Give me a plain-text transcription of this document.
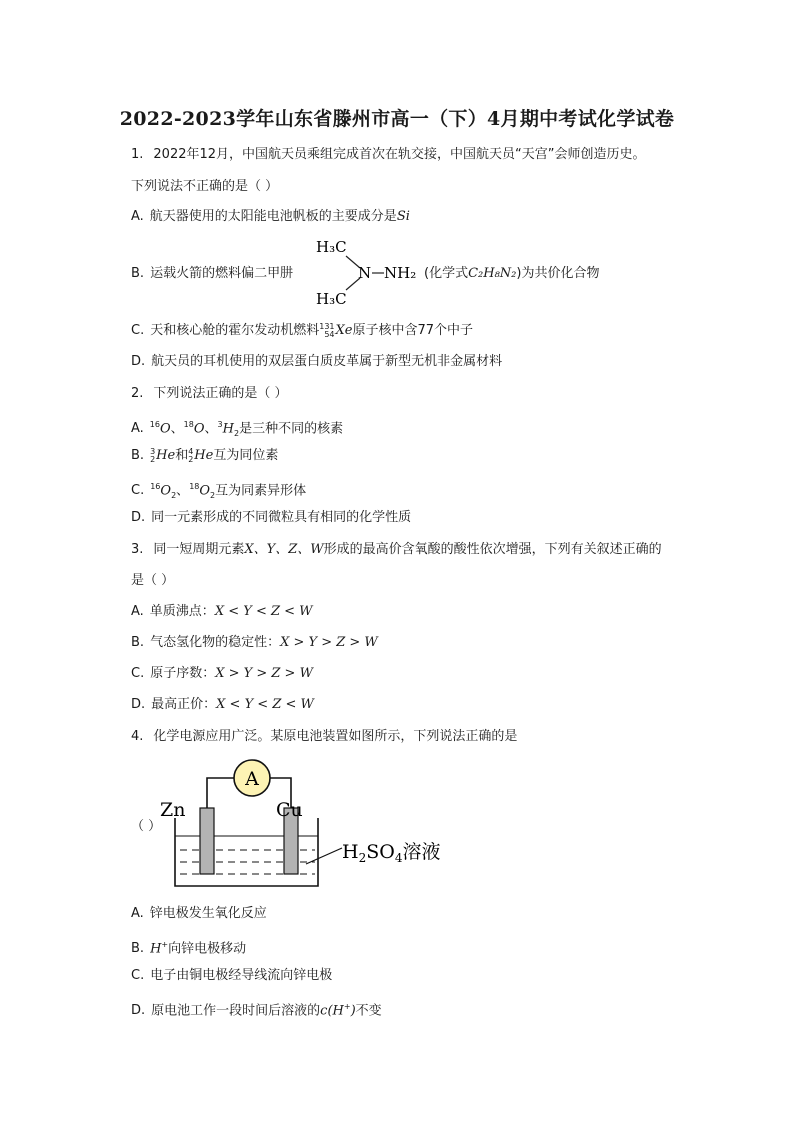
2022-2023学年山东省滕州市高一（下）4月期中考试化学试卷
1. 2022年12月，中国航天员乘组完成首次在轨交接，中国航天员“天宫”会师创造历史。
下列说法不正确的是（ ）
A. 航天器使用的太阳能电池帆板的主要成分是Si
B. 运载火箭的燃料偏二甲肼
H₃C
H₃C
N NH₂ (化学式C₂H₈N₂)为共价化合物
C. 天和核心舱的霍尔发动机燃料 131
54 Xe原子核中含77个中子
D. 航天员的耳机使用的双层蛋白质皮革属于新型无机非金属材料
2. 下列说法正确的是（ ）
A. $^{16}$O、$^{18}$O、$^3H_2$是三种不同的核素
B. 3
2 He和 4
2 He互为同位素
C. $^{16}O_2$、$^{18}O_2$互为同素异形体
D. 同一元素形成的不同微粒具有相同的化学性质
3. 同一短周期元素X、Y、Z、W形成的最高价含氧酸的酸性依次增强，下列有关叙述正确的
是（ ）
A. 单质沸点：X < Y < Z < W
B. 气态氢化物的稳定性：X > Y > Z > W
C. 原子序数：X > Y > Z > W
D. 最高正价：X < Y < Z < W
4. 化学电源应用广泛。某原电池装置如图所示，下列说法正确的是
（ ）
A
Zn	Cu
$H_2SO_4$溶液
A. 锌电极发生氧化反应
B. H+向锌电极移动
C. 电子由铜电极经导线流向锌电极
D. 原电池工作一段时间后溶液的c(H+)不变
